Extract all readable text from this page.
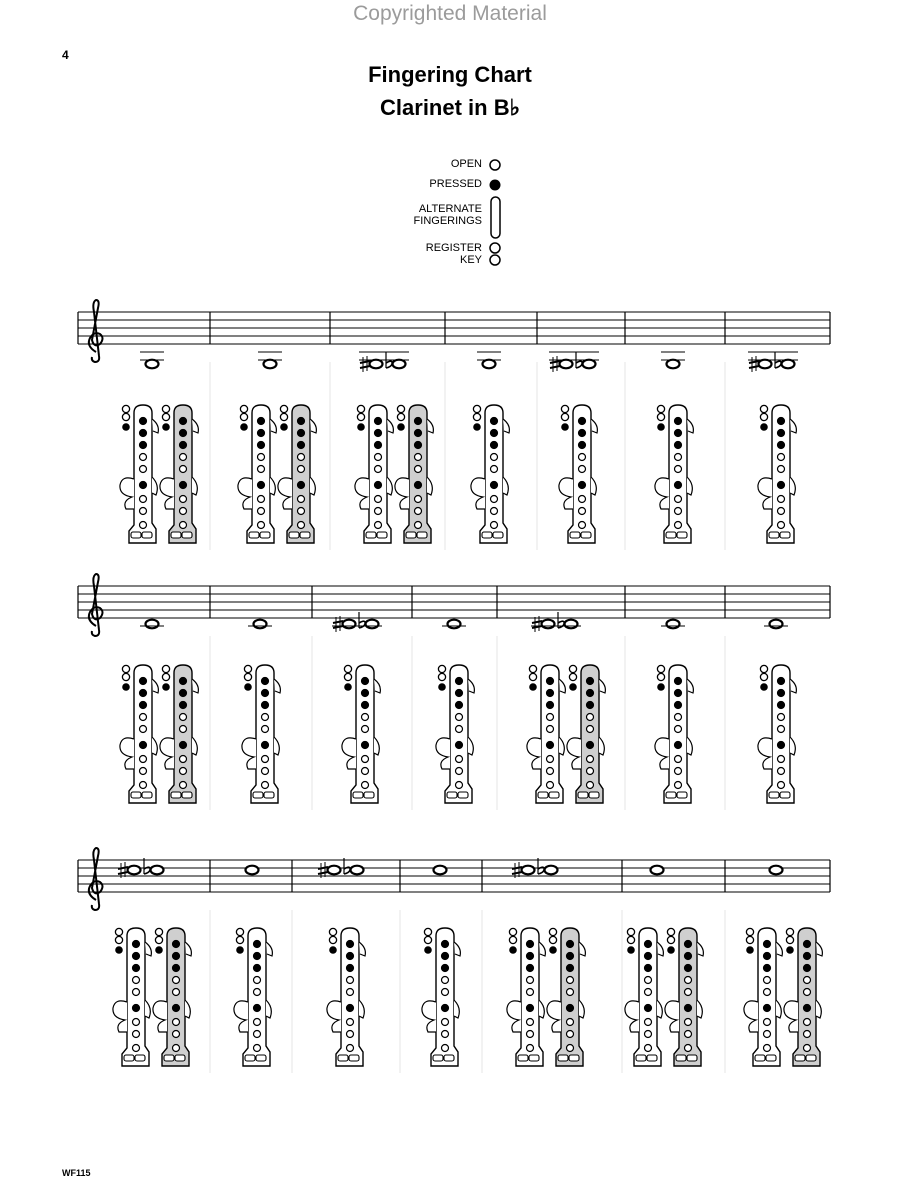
Copyrighted Material
4
Fingering Chart
Clarinet in B♭
OPEN
PRESSED
ALTERNATE
FINGERINGS
REGISTER
KEY
WF115
